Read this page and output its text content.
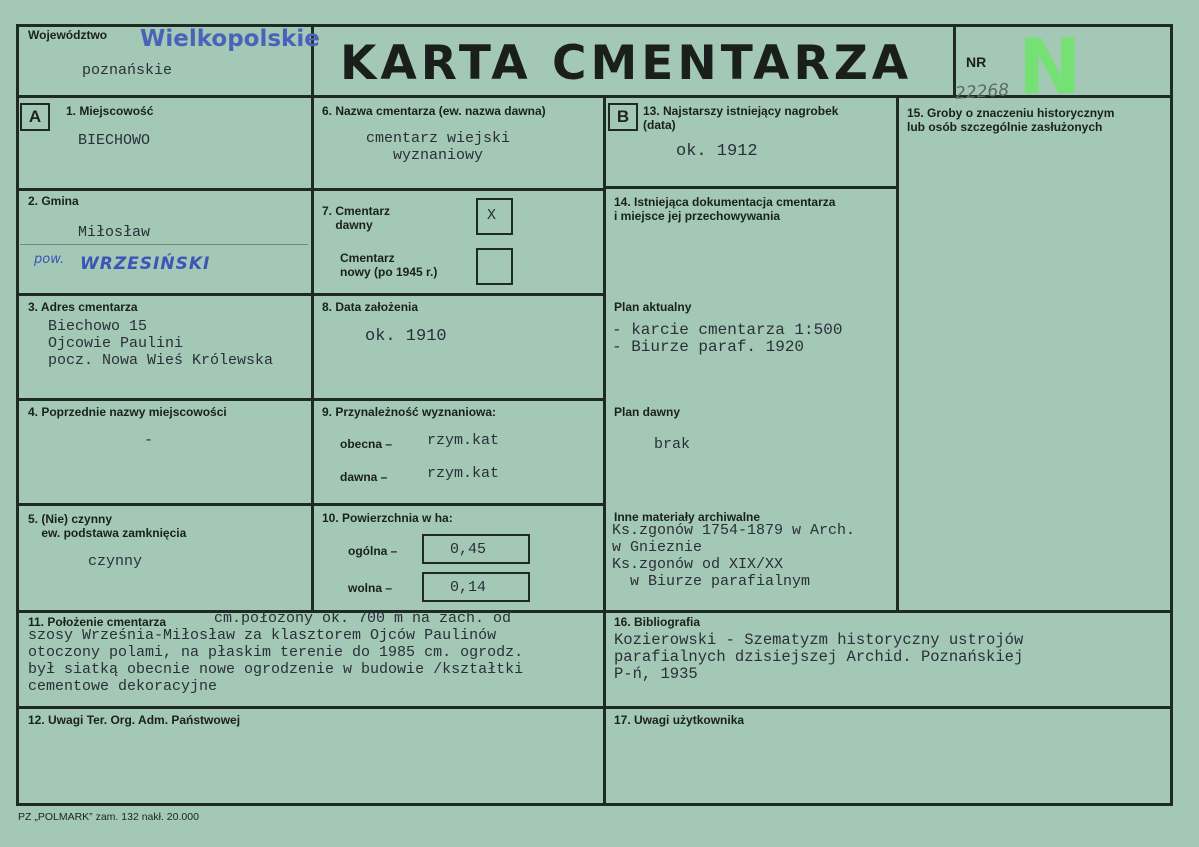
Województwo Wielkopolskie
poznańskie	KARTA CMENTARZA N
NR
22268
A	B
1. Miejscowość
BIECHOWO
6. Nazwa cmentarza (ew. nazwa dawna)
cmentarz wiejski
wyznaniowy
13. Najstarszy istniejący nagrobek
(data)
ok. 1912
15. Groby o znaczeniu historycznym
lub osób szczególnie zasłużonych
2. Gmina
Miłosław
pow. WRZESIŃSKI
7. Cmentarz
dawny
X
Cmentarz
nowy (po 1945 r.)
14. Istniejąca dokumentacja cmentarza
i miejsce jej przechowywania
3. Adres cmentarza
Biechowo 15
Ojcowie Paulini
pocz. Nowa Wieś Królewska
8. Data założenia
ok. 1910
Plan aktualny
- karcie cmentarza 1:500
- Biurze paraf. 1920
4. Poprzednie nazwy miejscowości
-
9. Przynależność wyznaniowa:
obecna – rzym.kat
dawna –	rzym.kat
Plan dawny
brak
5. (Nie) czynny
ew. podstawa zamknięcia
czynny
10. Powierzchnia w ha:
ogólna –	0,45
wolna –	0,14
Inne materiały archiwalne
Ks.zgonów 1754-1879 w Arch.
w Gnieznie
Ks.zgonów od XIX/XX
w Biurze parafialnym
11. Położenie cmentarza	cm.położony ok. 700 m na zach. od
szosy Września-Miłosław za klasztorem Ojców Paulinów
otoczony polami, na płaskim terenie do 1985 cm. ogrodz.
był siatką obecnie nowe ogrodzenie w budowie /kształtki
cementowe dekoracyjne
16. Bibliografia
Kozierowski - Szematyzm historyczny ustrojów
parafialnych dzisiejszej Archid. Poznańskiej
P-ń, 1935
12. Uwagi Ter. Org. Adm. Państwowej	17. Uwagi użytkownika
PZ „POLMARK” zam. 132 nakł. 20.000
